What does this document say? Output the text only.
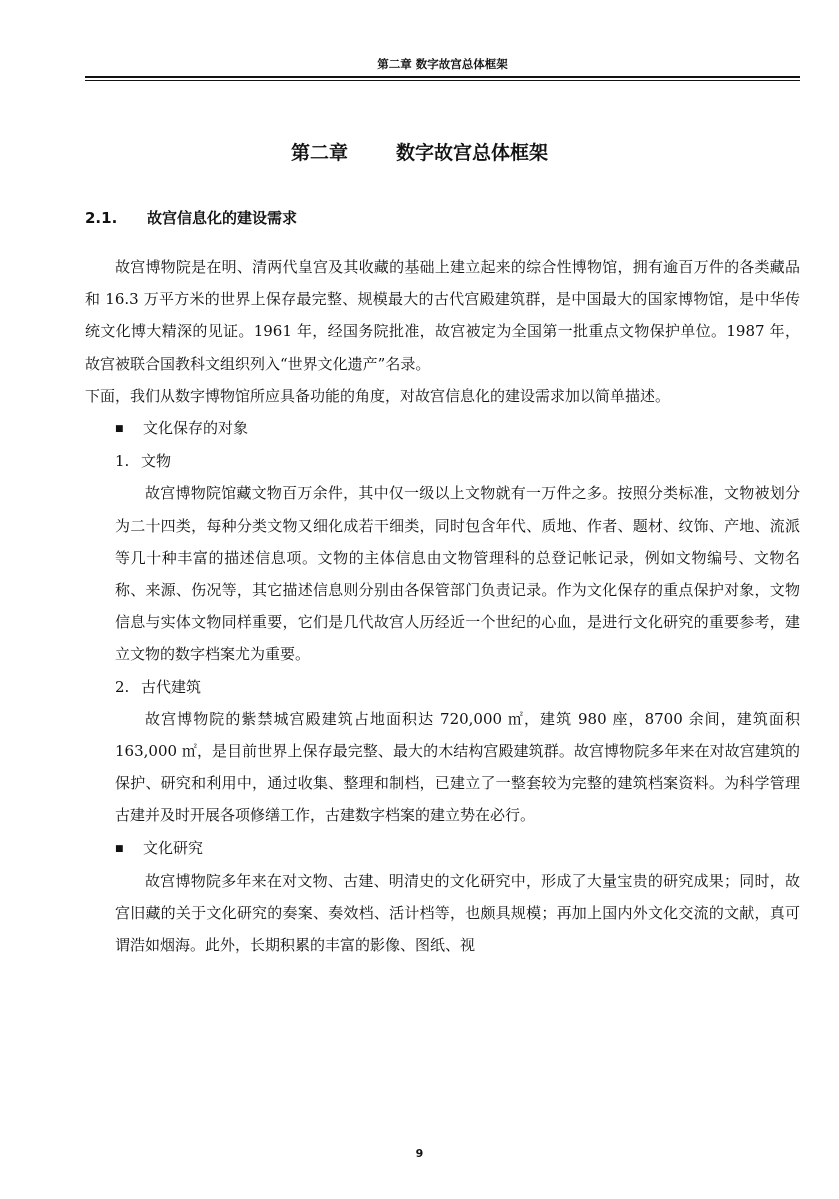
第二章 数字故宫总体框架
第二章	数字故宫总体框架
2.1. 故宫信息化的建设需求

故宫博物院是在明、清两代皇宫及其收藏的基础上建立起来的综合性博物馆，拥有逾百万件的各类藏品和 16.3 万平方米的世界上保存最完整、规模最大的古代宫殿建筑群，是中国最大的国家博物馆，是中华传统文化博大精深的见证。1961 年，经国务院批准，故宫被定为全国第一批重点文物保护单位。1987 年，故宫被联合国教科文组织列入“世界文化遗产”名录。

下面，我们从数字博物馆所应具备功能的角度，对故宫信息化的建设需求加以简单描述。

■ 文化保存的对象

1. 文物

故宫博物院馆藏文物百万余件，其中仅一级以上文物就有一万件之多。按照分类标准，文物被划分为二十四类，每种分类文物又细化成若干细类，同时包含年代、质地、作者、题材、纹饰、产地、流派等几十种丰富的描述信息项。文物的主体信息由文物管理科的总登记帐记录，例如文物编号、文物名称、来源、伤况等，其它描述信息则分别由各保管部门负责记录。作为文化保存的重点保护对象，文物信息与实体文物同样重要，它们是几代故宫人历经近一个世纪的心血，是进行文化研究的重要参考，建立文物的数字档案尤为重要。

2. 古代建筑

故宫博物院的紫禁城宫殿建筑占地面积达 720,000 ㎡，建筑 980 座，8700 余间，建筑面积 163,000 ㎡，是目前世界上保存最完整、最大的木结构宫殿建筑群。故宫博物院多年来在对故宫建筑的保护、研究和利用中，通过收集、整理和制档，已建立了一整套较为完整的建筑档案资料。为科学管理古建并及时开展各项修缮工作，古建数字档案的建立势在必行。

■ 文化研究

故宫博物院多年来在对文物、古建、明清史的文化研究中，形成了大量宝贵的研究成果；同时，故宫旧藏的关于文化研究的奏案、奏效档、活计档等，也颇具规模；再加上国内外文化交流的文献，真可谓浩如烟海。此外，长期积累的丰富的影像、图纸、视

9
